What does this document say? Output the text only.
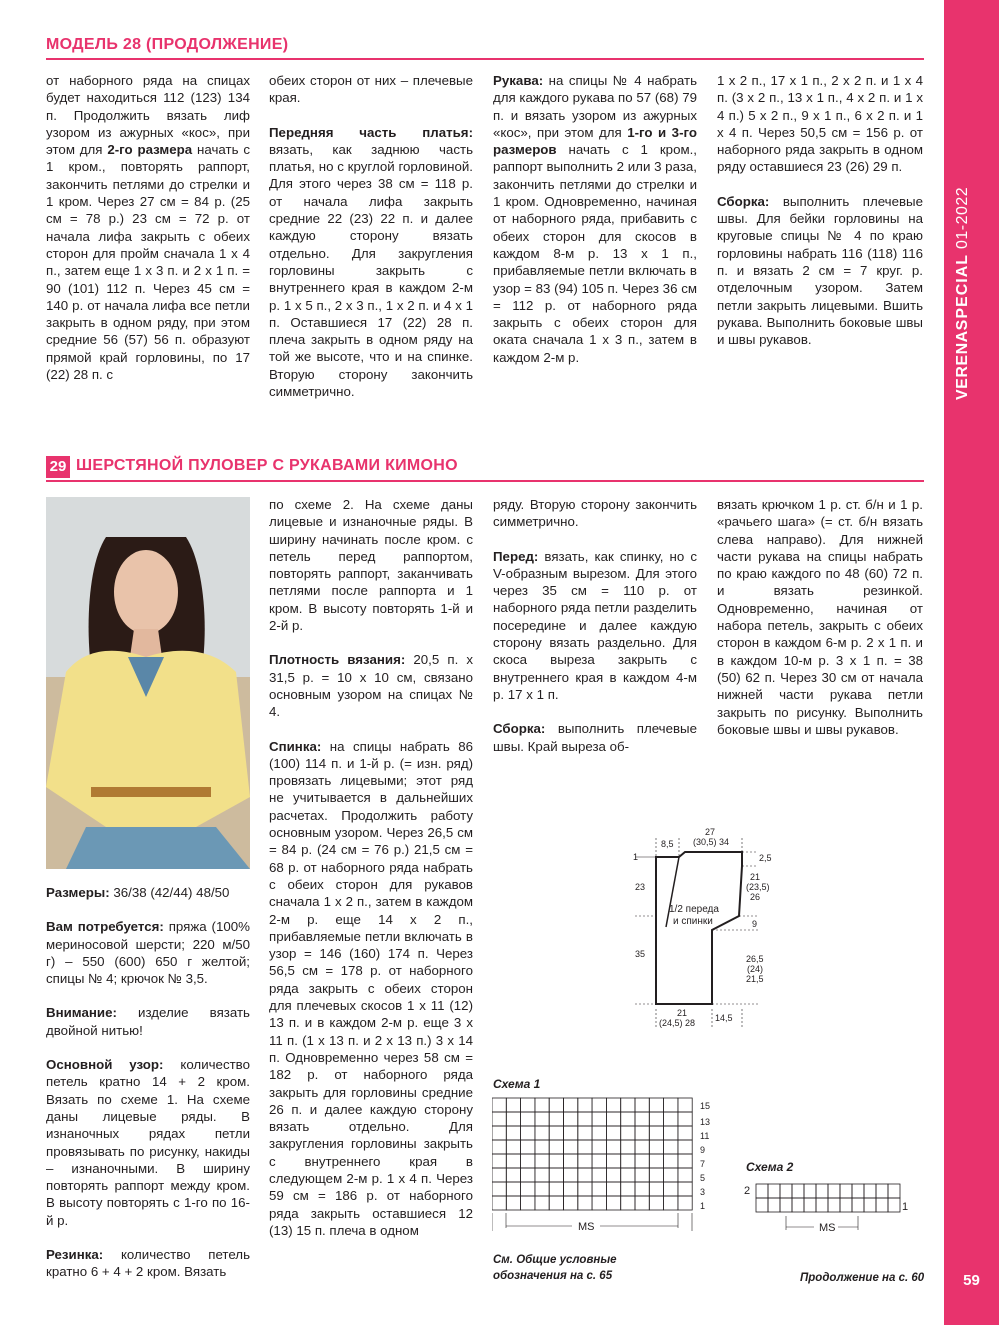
VERENASPECIAL 01-2022
59
МОДЕЛЬ 28 (ПРОДОЛЖЕНИЕ)
от наборного ряда на спицах будет находиться 112 (123) 134 п. Продолжить вязать лиф узором из ажурных «кос», при этом для 2-го размера начать с 1 кром., повторять раппорт, закончить петлями до стрелки и 1 кром. Через 27 см = 84 р. (25 см = 78 р.) 23 см = 72 р. от начала лифа закрыть с обеих сторон для пройм сначала 1 х 4 п., затем еще 1 х 3 п. и 2 х 1 п. = 90 (101) 112 п. Через 45 см = 140 р. от начала лифа все петли закрыть в одном ряду, при этом средние 56 (57) 56 п. образуют прямой край горловины, по 17 (22) 28 п. с

обеих сторон от них – плечевые края.

Передняя часть платья: вязать, как заднюю часть платья, но с круглой горловиной. Для этого через 38 см = 118 р. от начала лифа закрыть средние 22 (23) 22 п. и далее каждую сторону вязать отдельно. Для закругления горловины закрыть с внутреннего края в каждом 2-м р. 1 х 5 п., 2 х 3 п., 1 х 2 п. и 4 х 1 п. Оставшиеся 17 (22) 28 п. плеча закрыть в одном ряду на той же высоте, что и на спинке. Вторую сторону закончить симметрично.
Рукава: на спицы № 4 набрать для каждого рукава по 57 (68) 79 п. и вязать узором из ажурных «кос», при этом для 1-го и 3-го размеров начать с 1 кром., раппорт выполнить 2 или 3 раза, закончить петлями до стрелки и 1 кром. Одновременно, начиная от наборного ряда, прибавить с обеих сторон для скосов в каждом 8-м р. 13 х 1 п., прибавляемые петли включать в узор = 83 (94) 105 п. Через 36 см = 112 р. от наборного ряда закрыть с обеих сторон для оката сначала 1 х 3 п., затем в каждом 2-м р.

1 х 2 п., 17 х 1 п., 2 х 2 п. и 1 х 4 п. (3 х 2 п., 13 х 1 п., 4 х 2 п. и 1 х 4 п.) 5 х 2 п., 9 х 1 п., 6 х 2 п. и 1 х 4 п. Через 50,5 см = 156 р. от наборного ряда закрыть в одном ряду оставшиеся 23 (26) 29 п.

Сборка: выполнить плечевые швы. Для бейки горловины на круговые спицы № 4 по краю горловины набрать 116 (118) 116 п. и вязать 2 см = 7 круг. р. отделочным узором. Затем петли закрыть лицевыми. Вшить рукава. Выполнить боковые швы и швы рукавов.
29 ШЕРСТЯНОЙ ПУЛОВЕР С РУКАВАМИ КИМОНО

Размеры: 36/38 (42/44) 48/50

Вам потребуется: пряжа (100% мериносовой шерсти; 220 м/50 г) – 550 (600) 650 г желтой; спицы № 4; крючок № 3,5.

Внимание: изделие вязать двойной нитью!

Основной узор: количество петель кратно 14 + 2 кром. Вязать по схеме 1. На схеме даны лицевые ряды. В изнаночных рядах петли провязывать по рисунку, накиды – изнаночными. В ширину повторять раппорт между кром. В высоту повторять с 1-го по 16-й р.

Резинка: количество петель кратно 6 + 4 + 2 кром. Вязать

по схеме 2. На схеме даны лицевые и изнаночные ряды. В ширину начинать после кром. с петель перед раппортом, повторять раппорт, заканчивать петлями после раппорта и 1 кром. В высоту повторять 1-й и 2-й р.

Плотность вязания: 20,5 п. х 31,5 р. = 10 х 10 см, связано основным узором на спицах № 4.

Спинка: на спицы набрать 86 (100) 114 п. и 1-й р. (= изн. ряд) провязать лицевыми; этот ряд не учитывается в дальнейших расчетах. Продолжить работу основным узором. Через 26,5 см = 84 р. (24 см = 76 р.) 21,5 см = 68 р. от наборного ряда набрать с обеих сторон для рукавов сначала 1 х 2 п., затем в каждом 2-м р. еще 14 х 2 п., прибавляемые петли включать в узор = 146 (160) 174 п. Через 56,5 см = 178 р. от наборного ряда закрыть с обеих сторон для плечевых скосов 1 х 11 (12) 13 п. и в каждом 2-м р. еще 3 х 11 п. (1 х 13 п. и 2 х 13 п.) 3 х 14 п. Одновременно через 58 см = 182 р. от наборного ряда закрыть для горловины средние 26 п. и далее каждую сторону вязать отдельно. Для закругления горловины закрыть с внутреннего края в следующем 2-м р. 1 х 4 п. Через 59 см = 186 р. от наборного ряда закрыть оставшиеся 12 (13) 15 п. плеча в одном

ряду. Вторую сторону закончить симметрично.

Перед: вязать, как спинку, но с V-образным вырезом. Для этого через 35 см = 110 р. от наборного ряда петли разделить посередине и далее каждую сторону вязать раздельно. Для скоса выреза закрыть с внутреннего края в каждом 4-м р. 17 х 1 п.

Сборка: выполнить плечевые швы. Край выреза об-
вязать крючком 1 р. ст. б/н и 1 р. «рачьего шага» (= ст. б/н вязать слева направо). Для нижней части рукава на спицы набрать по краю каждого по 48 (60) 72 п. и вязать резинкой. Одновременно, начиная от набора петель, закрыть с обеих сторон в каждом 6-м р. 2 х 1 п. и в каждом 10-м р. 3 х 1 п. = 38 (50) 62 п. Через 30 см от начала нижней части рукава петли закрыть по рисунку. Выполнить боковые швы и швы рукавов.
1
8,5
27
(30,5) 34
2,5
23
35
21
(23,5)
26
9
26,5
(24)
21,5
21
(24,5) 28 14,5
1/2 переда
и спинки
Схема 1
15
13
11
9
7
5
3
1
MS
Схема 2
2
1
MS
См. Общие условные обозначения на с. 65	Продолжение на с. 60
